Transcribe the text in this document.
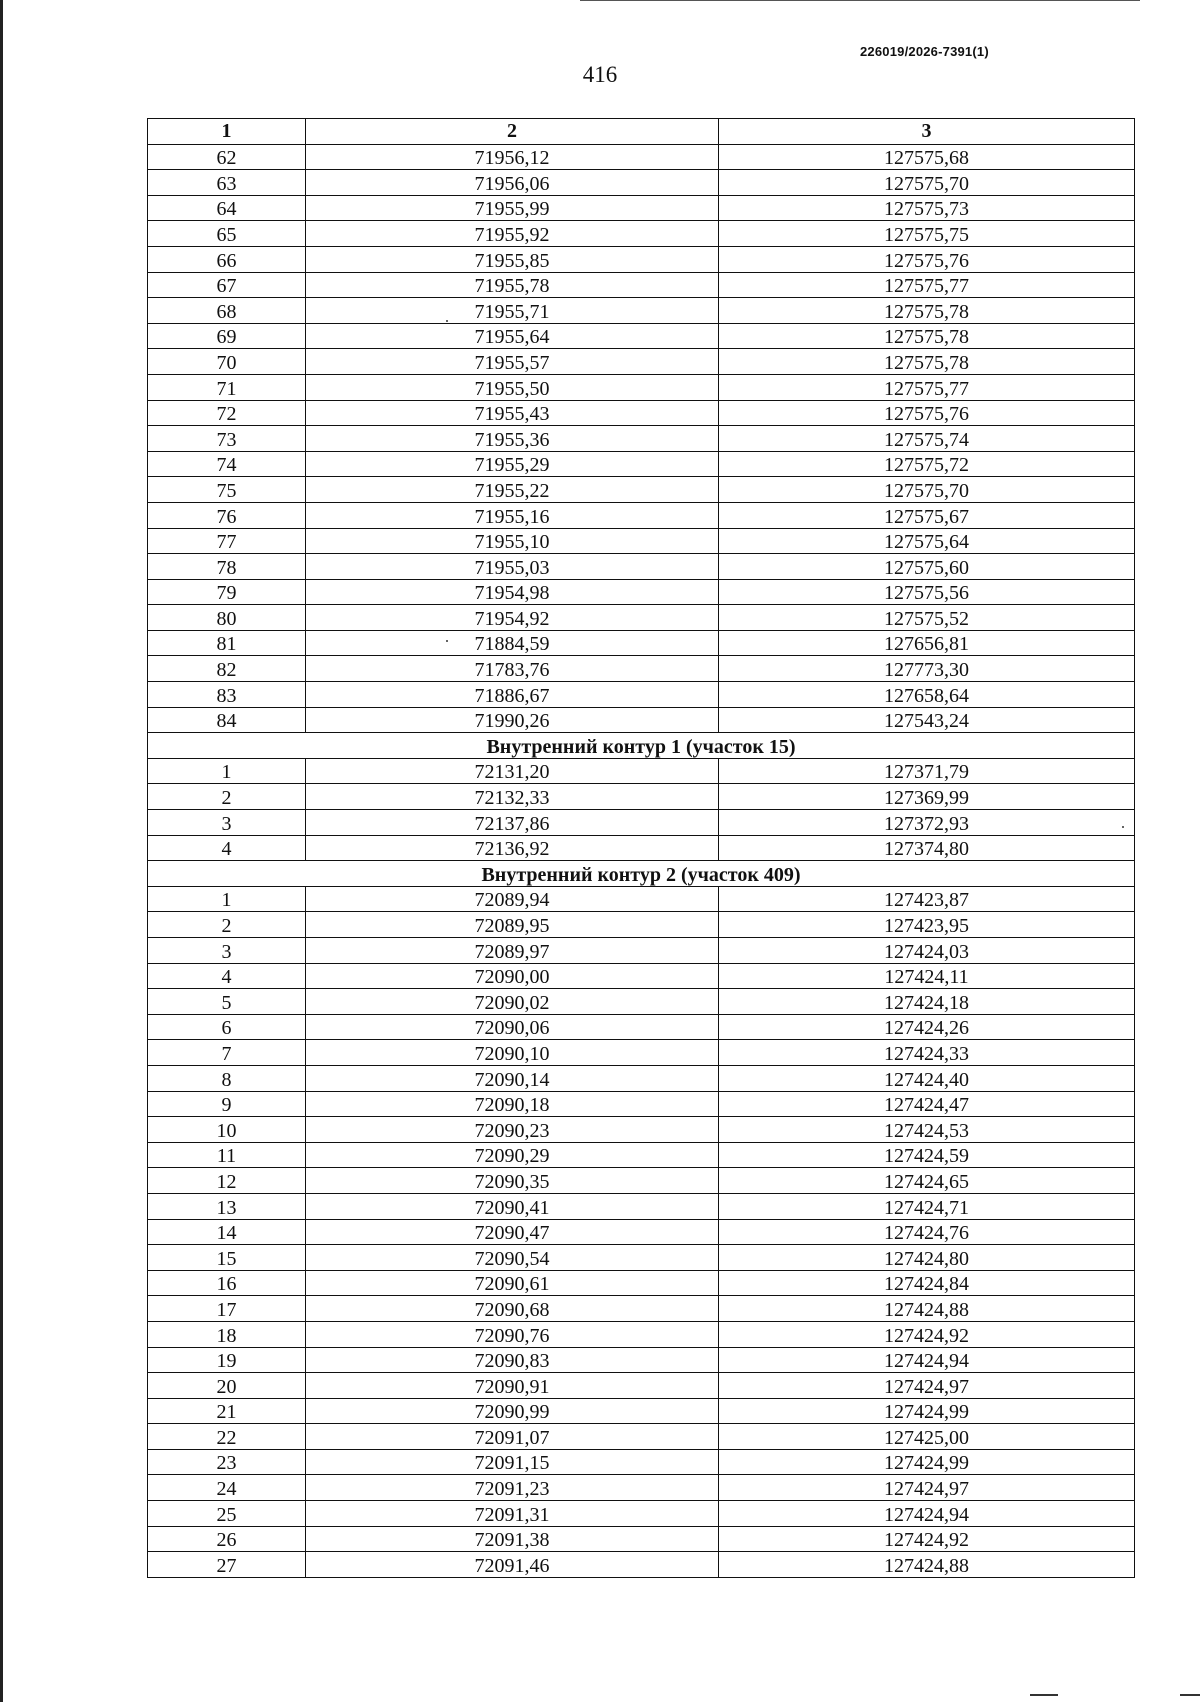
226019/2026-7391(1)
416
1	2	3
62	71956,12	127575,68
63	71956,06	127575,70
64	71955,99	127575,73
65	71955,92	127575,75
66	71955,85	127575,76
67	71955,78	127575,77
68	71955,71	127575,78
69	71955,64	127575,78
70	71955,57	127575,78
71	71955,50	127575,77
72	71955,43	127575,76
73	71955,36	127575,74
74	71955,29	127575,72
75	71955,22	127575,70
76	71955,16	127575,67
77	71955,10	127575,64
78	71955,03	127575,60
79	71954,98	127575,56
80	71954,92	127575,52
81	71884,59	127656,81
82	71783,76	127773,30
83	71886,67	127658,64
84	71990,26	127543,24
Внутренний контур 1 (участок 15)		
1	72131,20	127371,79
2	72132,33	127369,99
3	72137,86	127372,93
4	72136,92	127374,80
Внутренний контур 2 (участок 409)		
1	72089,94	127423,87
2	72089,95	127423,95
3	72089,97	127424,03
4	72090,00	127424,11
5	72090,02	127424,18
6	72090,06	127424,26
7	72090,10	127424,33
8	72090,14	127424,40
9	72090,18	127424,47
10	72090,23	127424,53
11	72090,29	127424,59
12	72090,35	127424,65
13	72090,41	127424,71
14	72090,47	127424,76
15	72090,54	127424,80
16	72090,61	127424,84
17	72090,68	127424,88
18	72090,76	127424,92
19	72090,83	127424,94
20	72090,91	127424,97
21	72090,99	127424,99
22	72091,07	127425,00
23	72091,15	127424,99
24	72091,23	127424,97
25	72091,31	127424,94
26	72091,38	127424,92
27	72091,46	127424,88
